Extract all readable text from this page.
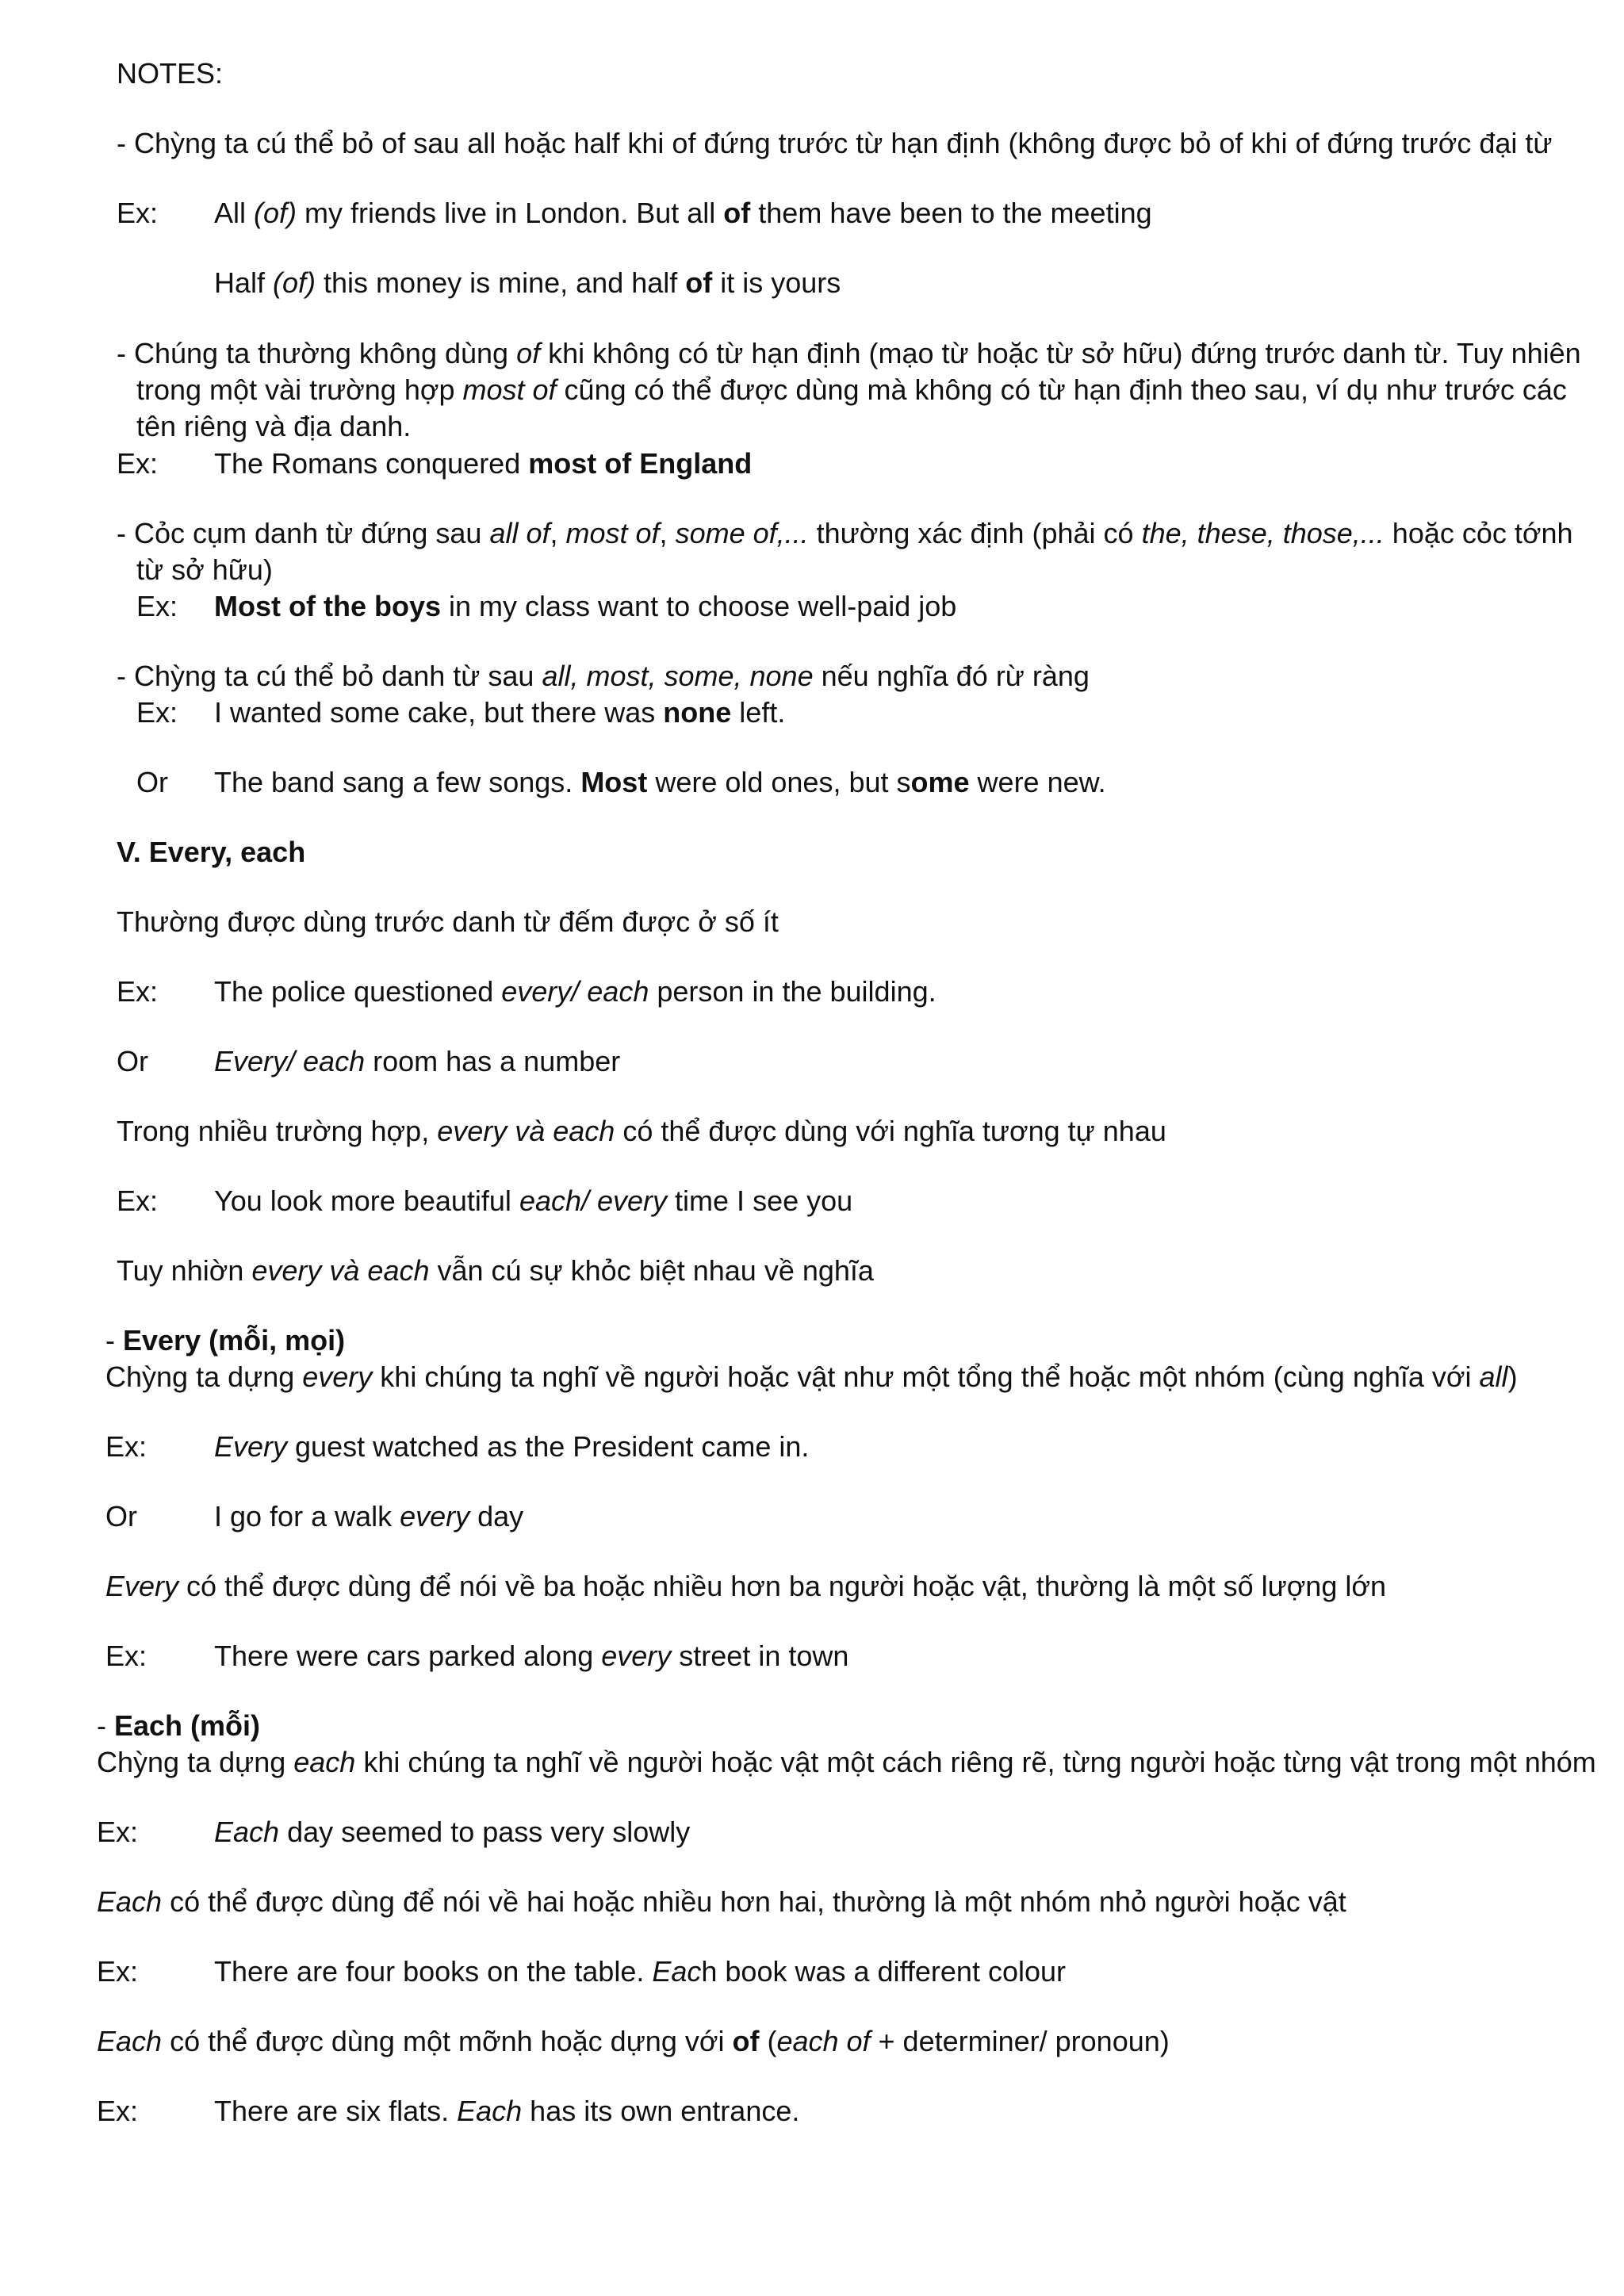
NOTES:
- Chỳng ta cú thể bỏ of sau all hoặc half khi of đứng trước từ hạn định (không được bỏ of khi of đứng trước đại từ
Ex: All (of) my friends live in London. But all of them have been to the meeting
Half (of) this money is mine, and half of it is yours
- Chúng ta thường không dùng of khi không có từ hạn định (mạo từ hoặc từ sở hữu) đứng trước danh từ. Tuy nhiên
trong một vài trường hợp most of cũng có thể được dùng mà không có từ hạn định theo sau, ví dụ như trước các
tên riêng và địa danh.
Ex: The Romans conquered most of England
- Cỏc cụm danh từ đứng sau all of, most of, some of,... thường xác định (phải có the, these, those,... hoặc cỏc tớnh
từ sở hữu)
Ex: Most of the boys in my class want to choose well-paid job
- Chỳng ta cú thể bỏ danh từ sau all, most, some, none nếu nghĩa đó rừ ràng
Ex: I wanted some cake, but there was none left.
Or The band sang a few songs. Most were old ones, but some were new.
V. Every, each
Thường được dùng trước danh từ đếm được ở số ít
Ex: The police questioned every/ each person in the building.
Or Every/ each room has a number
Trong nhiều trường hợp, every và each có thể được dùng với nghĩa tương tự nhau
Ex: You look more beautiful each/ every time I see you
Tuy nhiờn every và each vẫn cú sự khỏc biệt nhau về nghĩa
- Every (mỗi, mọi)
Chỳng ta dựng every khi chúng ta nghĩ về người hoặc vật như một tổng thể hoặc một nhóm (cùng nghĩa với all)
Ex: Every guest watched as the President came in.
Or	I go for a walk every day
Every có thể được dùng để nói về ba hoặc nhiều hơn ba người hoặc vật, thường là một số lượng lớn
Ex: There were cars parked along every street in town
- Each (mỗi)
Chỳng ta dựng each khi chúng ta nghĩ về người hoặc vật một cách riêng rẽ, từng người hoặc từng vật trong một nhóm
Ex:	Each day seemed to pass very slowly
Each có thể được dùng để nói về hai hoặc nhiều hơn hai, thường là một nhóm nhỏ người hoặc vật
Ex:	There are four books on the table. Each book was a different colour
Each có thể được dùng một mỡnh hoặc dựng với of (each of + determiner/ pronoun)
Ex:	There are six flats. Each has its own entrance.
